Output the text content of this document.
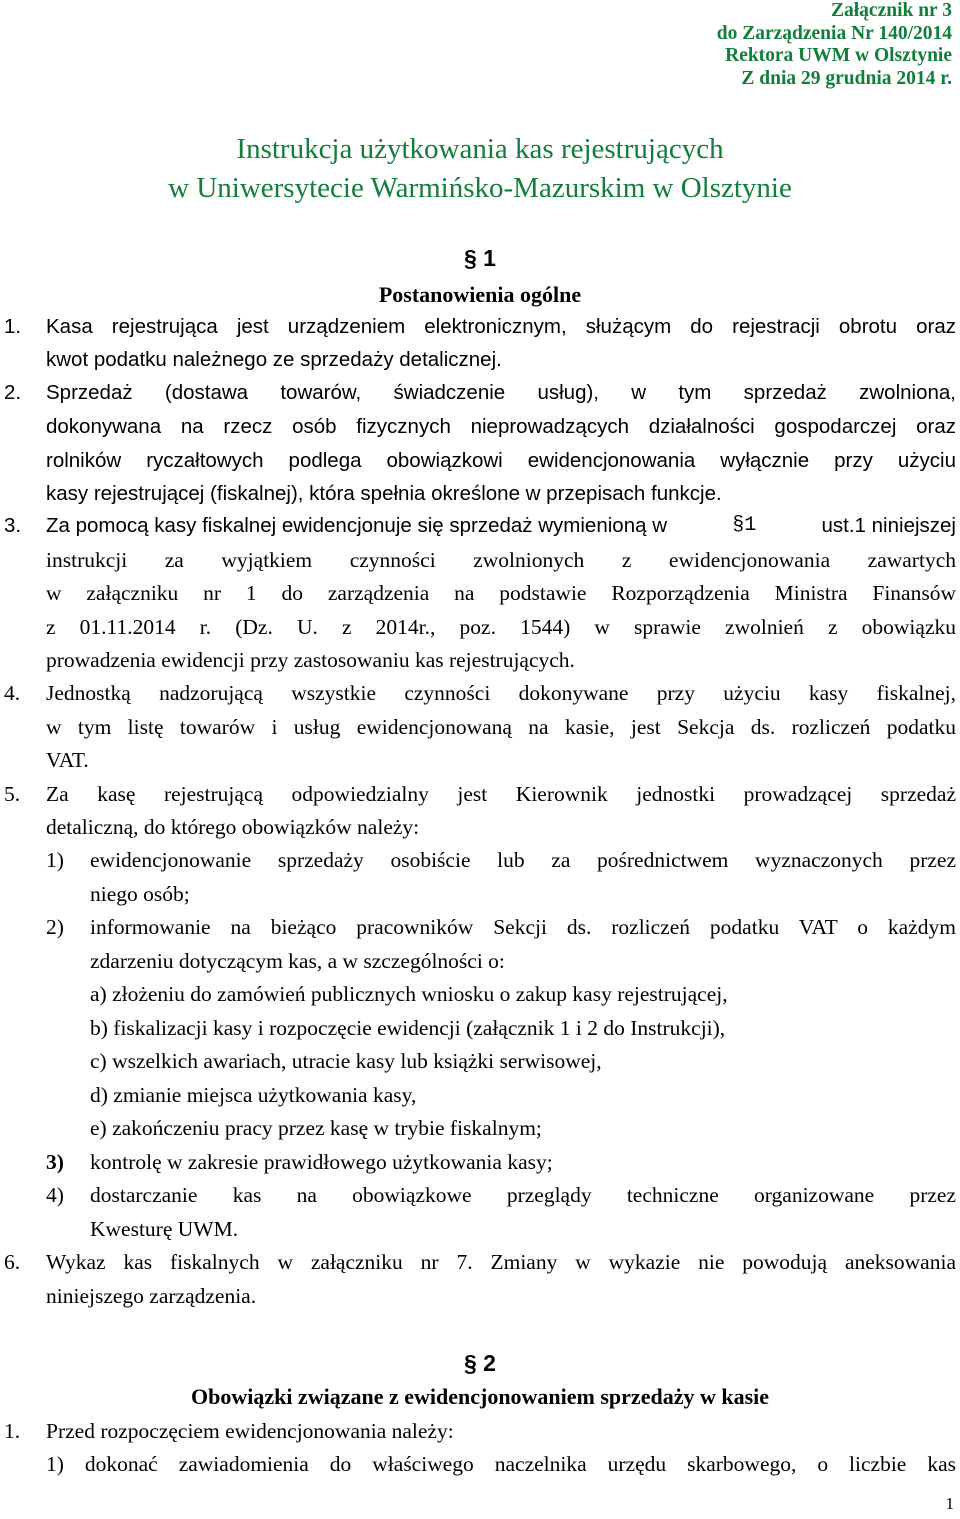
Załącznik nr 3
do Zarządzenia Nr 140/2014
Rektora UWM w Olsztynie
Z dnia 29 grudnia 2014 r.
Instrukcja użytkowania kas rejestrujących
w Uniwersytecie Warmińsko-Mazurskim w Olsztynie
§ 1
Postanowienia ogólne
1. Kasa rejestrująca jest urządzeniem elektronicznym, służącym do rejestracji obrotu oraz
kwot podatku należnego ze sprzedaży detalicznej.
2. Sprzedaż (dostawa towarów, świadczenie usług), w tym sprzedaż zwolniona,
dokonywana na rzecz osób fizycznych nieprowadzących działalności gospodarczej oraz
rolników ryczałtowych podlega obowiązkowi ewidencjonowania wyłącznie przy użyciu
kasy rejestrującej (fiskalnej), która spełnia określone w przepisach funkcje.
3. Za pomocą kasy fiskalnej ewidencjonuje się sprzedaż wymienioną w	§1	ust.1 niniejszej
instrukcji za wyjątkiem czynności zwolnionych z ewidencjonowania zawartych
w załączniku nr 1 do zarządzenia na podstawie Rozporządzenia Ministra Finansów
z 01.11.2014 r. (Dz. U. z 2014r., poz. 1544) w sprawie zwolnień z obowiązku
prowadzenia ewidencji przy zastosowaniu kas rejestrujących.
4. Jednostką nadzorującą wszystkie czynności dokonywane przy użyciu kasy fiskalnej,
w tym listę towarów i usług ewidencjonowaną na kasie, jest Sekcja ds. rozliczeń podatku
VAT.
5. Za kasę rejestrującą odpowiedzialny jest Kierownik jednostki prowadzącej sprzedaż
detaliczną, do którego obowiązków należy:
1) ewidencjonowanie sprzedaży osobiście lub za pośrednictwem wyznaczonych przez
niego osób;
2) informowanie na bieżąco pracowników Sekcji ds. rozliczeń podatku VAT o każdym
zdarzeniu dotyczącym kas, a w szczególności o:
a) złożeniu do zamówień publicznych wniosku o zakup kasy rejestrującej,
b) fiskalizacji kasy i rozpoczęcie ewidencji (załącznik 1 i 2 do Instrukcji),
c) wszelkich awariach, utracie kasy lub książki serwisowej,
d) zmianie miejsca użytkowania kasy,
e) zakończeniu pracy przez kasę w trybie fiskalnym;
3) kontrolę w zakresie prawidłowego użytkowania kasy;
4) dostarczanie kas na obowiązkowe przeglądy techniczne organizowane przez
Kwesturę UWM.
6. Wykaz kas fiskalnych w załączniku nr 7. Zmiany w wykazie nie powodują aneksowania
niniejszego zarządzenia.
§ 2
Obowiązki związane z ewidencjonowaniem sprzedaży w kasie
1. Przed rozpoczęciem ewidencjonowania należy:
1) dokonać zawiadomienia do właściwego naczelnika urzędu skarbowego, o liczbie kas
1
